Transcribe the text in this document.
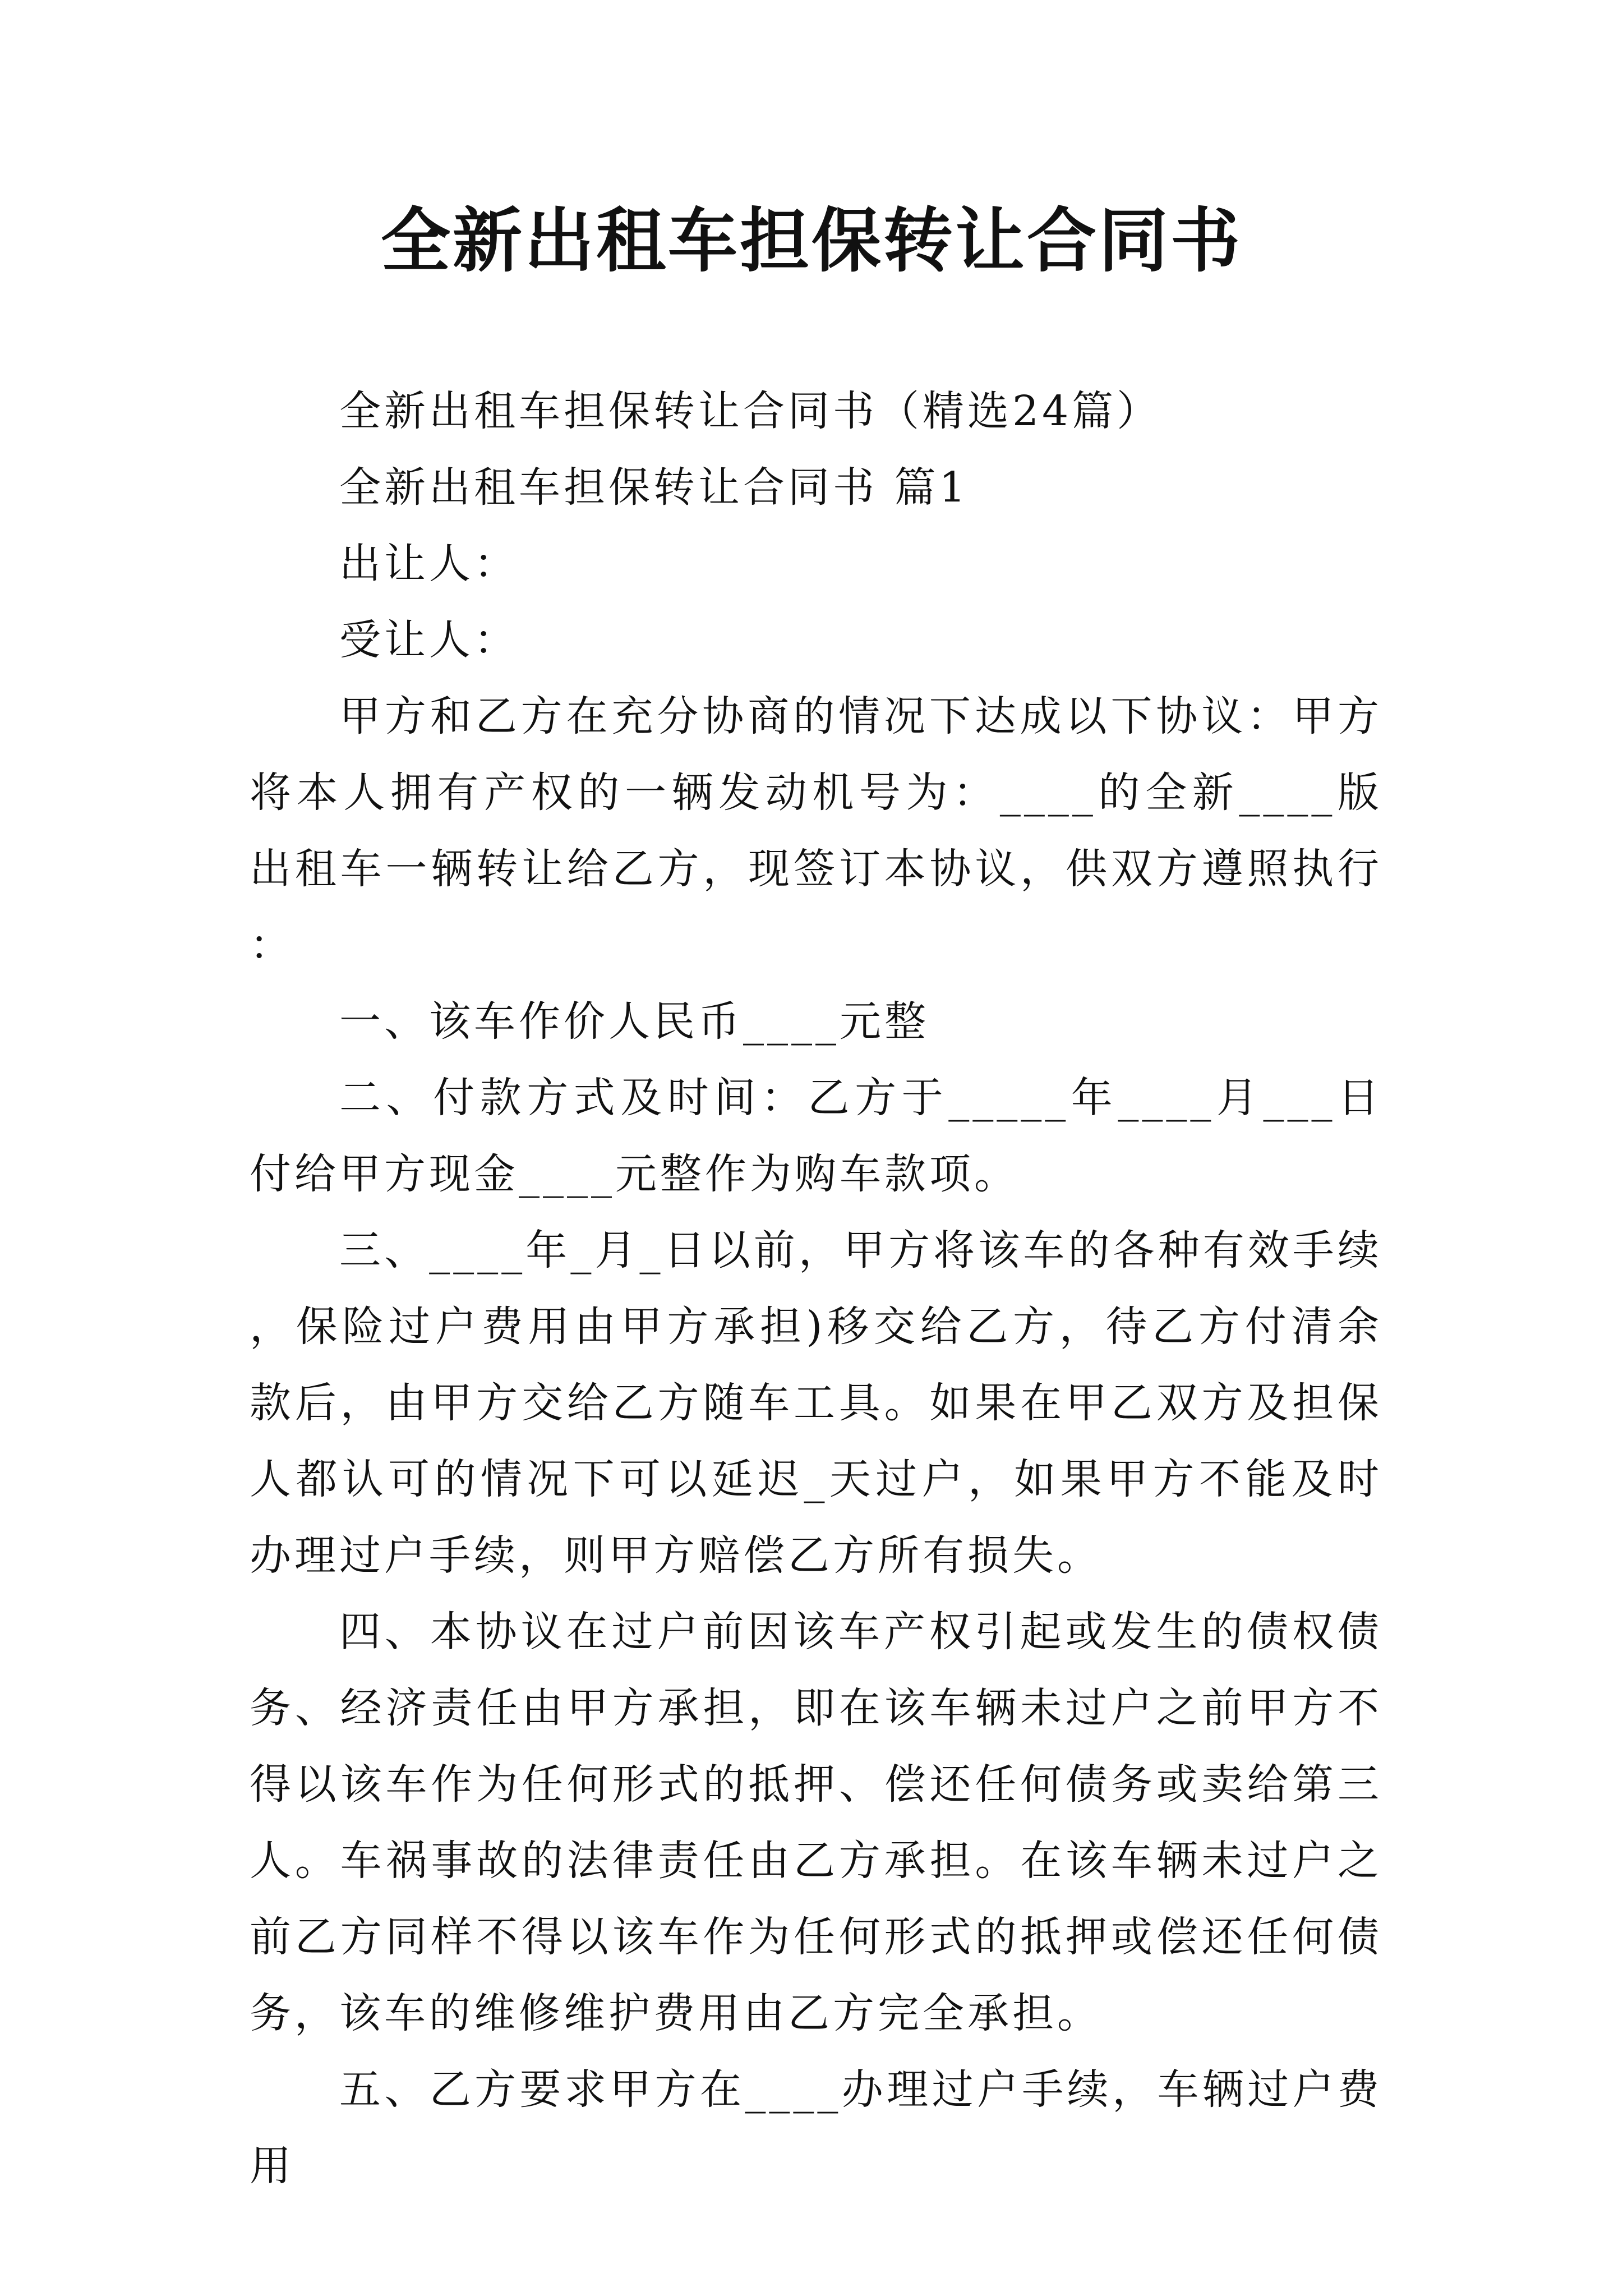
全新出租车担保转让合同书

全新出租车担保转让合同书（精选24篇）

全新出租车担保转让合同书 篇1

出让人：

受让人：

甲方和乙方在充分协商的情况下达成以下协议：甲方将本人拥有产权的一辆发动机号为：____的全新____版出租车一辆转让给乙方，现签订本协议，供双方遵照执行：

一、该车作价人民币____元整

二、付款方式及时间：乙方于_____年____月___日付给甲方现金____元整作为购车款项。

三、____年_月_日以前，甲方将该车的各种有效手续，保险过户费用由甲方承担)移交给乙方，待乙方付清余款后，由甲方交给乙方随车工具。如果在甲乙双方及担保人都认可的情况下可以延迟_天过户，如果甲方不能及时办理过户手续，则甲方赔偿乙方所有损失。

四、本协议在过户前因该车产权引起或发生的债权债务、经济责任由甲方承担，即在该车辆未过户之前甲方不得以该车作为任何形式的抵押、偿还任何债务或卖给第三人。车祸事故的法律责任由乙方承担。在该车辆未过户之前乙方同样不得以该车作为任何形式的抵押或偿还任何债务，该车的维修维护费用由乙方完全承担。

五、乙方要求甲方在____办理过户手续，车辆过户费用
